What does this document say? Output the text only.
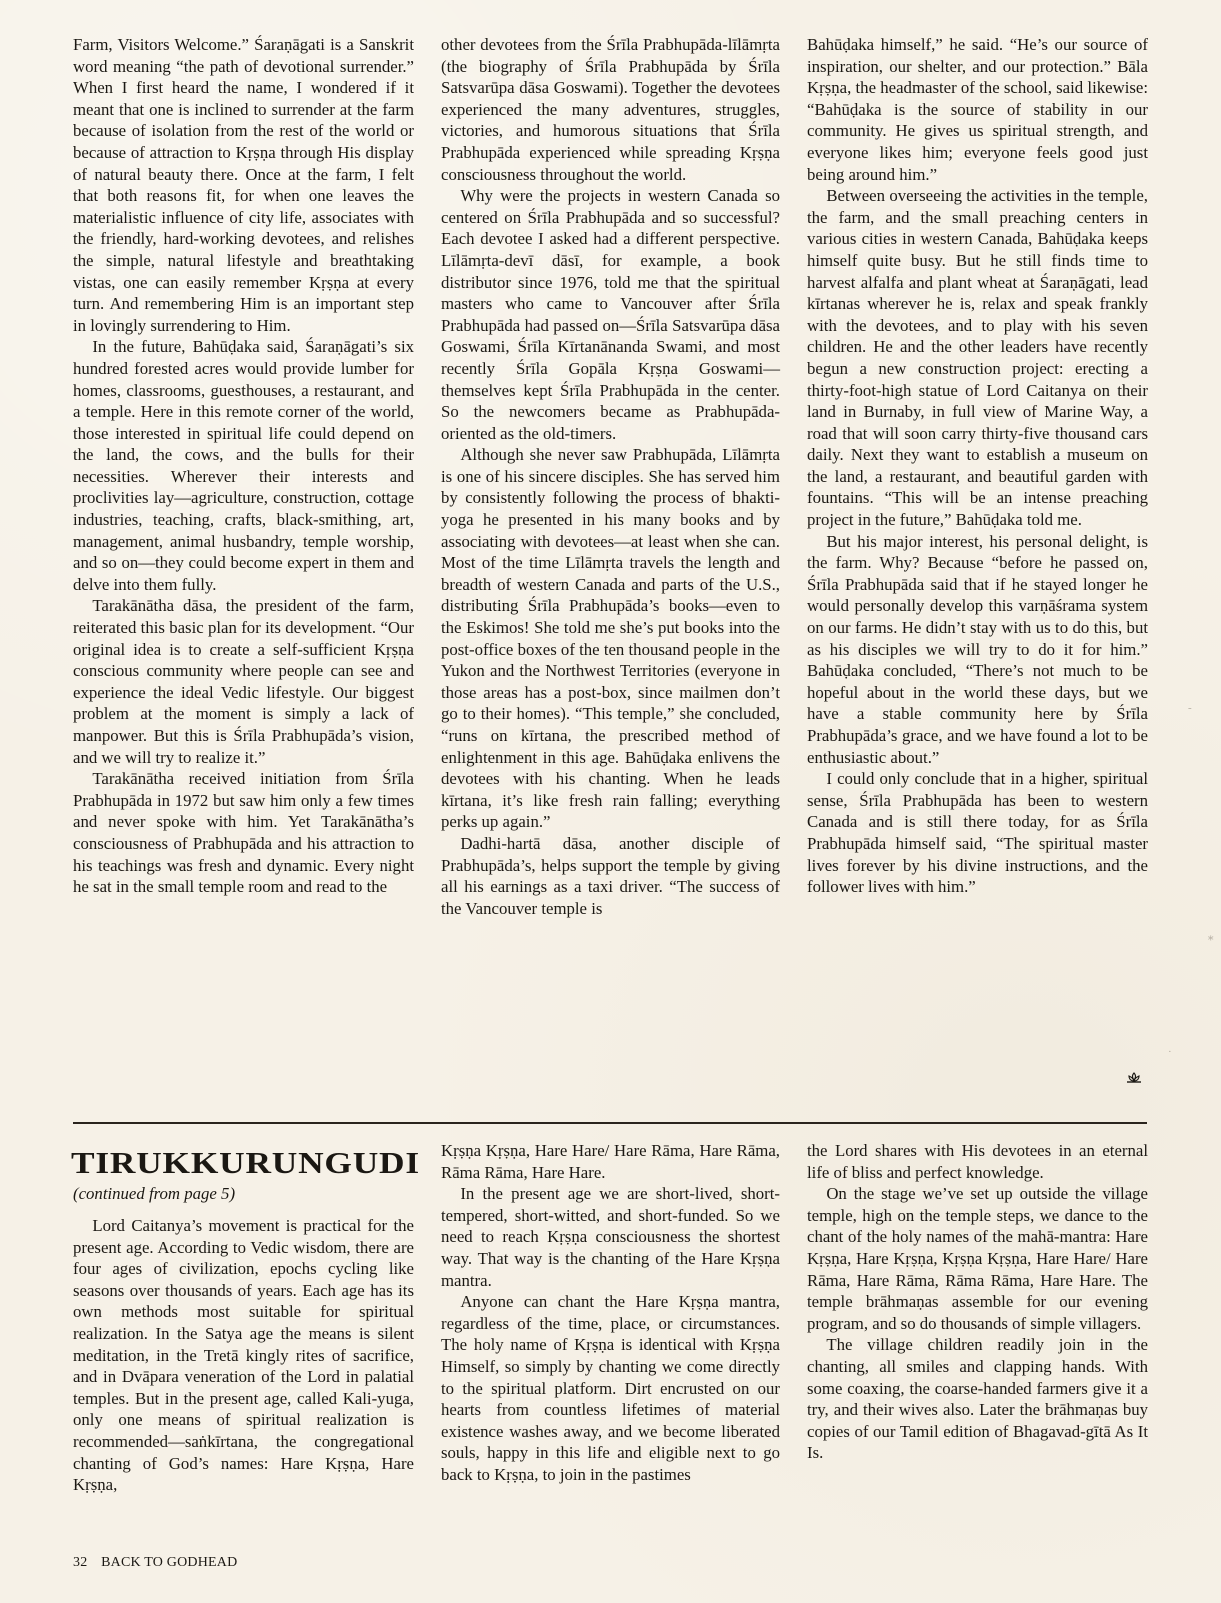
Farm, Visitors Welcome.” Śaraṇāgati is a Sanskrit word meaning “the path of devotional surrender.” When I first heard the name, I wondered if it meant that one is inclined to surrender at the farm because of isolation from the rest of the world or because of attraction to Kṛṣṇa through His display of natural beauty there. Once at the farm, I felt that both reasons fit, for when one leaves the materialistic influence of city life, associates with the friendly, hard-working devotees, and relishes the simple, natural lifestyle and breathtaking vistas, one can easily remember Kṛṣṇa at every turn. And remembering Him is an important step in lovingly surrendering to Him.

In the future, Bahūḍaka said, Śaraṇāgati’s six hundred forested acres would provide lumber for homes, classrooms, guesthouses, a restaurant, and a temple. Here in this remote corner of the world, those interested in spiritual life could depend on the land, the cows, and the bulls for their necessities. Wherever their interests and proclivities lay—agriculture, construction, cottage industries, teaching, crafts, black-smithing, art, management, animal husbandry, temple worship, and so on—they could become expert in them and delve into them fully.

Tarakānātha dāsa, the president of the farm, reiterated this basic plan for its development. “Our original idea is to create a self-sufficient Kṛṣṇa conscious community where people can see and experience the ideal Vedic lifestyle. Our biggest problem at the moment is simply a lack of manpower. But this is Śrīla Prabhupāda’s vision, and we will try to realize it.”

Tarakānātha received initiation from Śrīla Prabhupāda in 1972 but saw him only a few times and never spoke with him. Yet Tarakānātha’s consciousness of Prabhupāda and his attraction to his teachings was fresh and dynamic. Every night he sat in the small temple room and read to the

other devotees from the Śrīla Prabhupāda-līlāmṛta (the biography of Śrīla Prabhupāda by Śrīla Satsvarūpa dāsa Goswami). Together the devotees experienced the many adventures, struggles, victories, and humorous situations that Śrīla Prabhupāda experienced while spreading Kṛṣṇa consciousness throughout the world.

Why were the projects in western Canada so centered on Śrīla Prabhupāda and so successful? Each devotee I asked had a different perspective. Līlāmṛta-devī dāsī, for example, a book distributor since 1976, told me that the spiritual masters who came to Vancouver after Śrīla Prabhupāda had passed on—Śrīla Satsvarūpa dāsa Goswami, Śrīla Kīrtanānanda Swami, and most recently Śrīla Gopāla Kṛṣṇa Goswami—themselves kept Śrīla Prabhupāda in the center. So the newcomers became as Prabhupāda-oriented as the old-timers.

Although she never saw Prabhupāda, Līlāmṛta is one of his sincere disciples. She has served him by consistently following the process of bhakti-yoga he presented in his many books and by associating with devotees—at least when she can. Most of the time Līlāmṛta travels the length and breadth of western Canada and parts of the U.S., distributing Śrīla Prabhupāda’s books—even to the Eskimos! She told me she’s put books into the post-office boxes of the ten thousand people in the Yukon and the Northwest Territories (everyone in those areas has a post-box, since mailmen don’t go to their homes). “This temple,” she concluded, “runs on kīrtana, the prescribed method of enlightenment in this age. Bahūḍaka enlivens the devotees with his chanting. When he leads kīrtana, it’s like fresh rain falling; everything perks up again.”

Dadhi-hartā dāsa, another disciple of Prabhupāda’s, helps support the temple by giving all his earnings as a taxi driver. “The success of the Vancouver temple is

Bahūḍaka himself,” he said. “He’s our source of inspiration, our shelter, and our protection.” Bāla Kṛṣṇa, the headmaster of the school, said likewise: “Bahūḍaka is the source of stability in our community. He gives us spiritual strength, and everyone likes him; everyone feels good just being around him.”

Between overseeing the activities in the temple, the farm, and the small preaching centers in various cities in western Canada, Bahūḍaka keeps himself quite busy. But he still finds time to harvest alfalfa and plant wheat at Śaraṇāgati, lead kīrtanas wherever he is, relax and speak frankly with the devotees, and to play with his seven children. He and the other leaders have recently begun a new construction project: erecting a thirty-foot-high statue of Lord Caitanya on their land in Burnaby, in full view of Marine Way, a road that will soon carry thirty-five thousand cars daily. Next they want to establish a museum on the land, a restaurant, and beautiful garden with fountains. “This will be an intense preaching project in the future,” Bahūḍaka told me.

But his major interest, his personal delight, is the farm. Why? Because “before he passed on, Śrīla Prabhupāda said that if he stayed longer he would personally develop this varṇāśrama system on our farms. He didn’t stay with us to do this, but as his disciples we will try to do it for him.” Bahūḍaka concluded, “There’s not much to be hopeful about in the world these days, but we have a stable community here by Śrīla Prabhupāda’s grace, and we have found a lot to be enthusiastic about.”

I could only conclude that in a higher, spiritual sense, Śrīla Prabhupāda has been to western Canada and is still there today, for as Śrīla Prabhupāda himself said, “The spiritual master lives forever by his divine instructions, and the follower lives with him.”

TIRUKKURUNGUDI
(continued from page 5)

Lord Caitanya’s movement is practical for the present age. According to Vedic wisdom, there are four ages of civilization, epochs cycling like seasons over thousands of years. Each age has its own methods most suitable for spiritual realization. In the Satya age the means is silent meditation, in the Tretā kingly rites of sacrifice, and in Dvāpara veneration of the Lord in palatial temples. But in the present age, called Kali-yuga, only one means of spiritual realization is recommended—saṅkīrtana, the congregational chanting of God’s names: Hare Kṛṣṇa, Hare Kṛṣṇa,

Kṛṣṇa Kṛṣṇa, Hare Hare/ Hare Rāma, Hare Rāma, Rāma Rāma, Hare Hare.

In the present age we are short-lived, short-tempered, short-witted, and short-funded. So we need to reach Kṛṣṇa consciousness the shortest way. That way is the chanting of the Hare Kṛṣṇa mantra.

Anyone can chant the Hare Kṛṣṇa mantra, regardless of the time, place, or circumstances. The holy name of Kṛṣṇa is identical with Kṛṣṇa Himself, so simply by chanting we come directly to the spiritual platform. Dirt encrusted on our hearts from countless lifetimes of material existence washes away, and we become liberated souls, happy in this life and eligible next to go back to Kṛṣṇa, to join in the pastimes

the Lord shares with His devotees in an eternal life of bliss and perfect knowledge.

On the stage we’ve set up outside the village temple, high on the temple steps, we dance to the chant of the holy names of the mahā-mantra: Hare Kṛṣṇa, Hare Kṛṣṇa, Kṛṣṇa Kṛṣṇa, Hare Hare/ Hare Rāma, Hare Rāma, Rāma Rāma, Hare Hare. The temple brāhmaṇas assemble for our evening program, and so do thousands of simple villagers.

The village children readily join in the chanting, all smiles and clapping hands. With some coaxing, the coarse-handed farmers give it a try, and their wives also. Later the brāhmaṇas buy copies of our Tamil edition of Bhagavad-gītā As It Is.

32 BACK TO GODHEAD
‑
⁎
·
